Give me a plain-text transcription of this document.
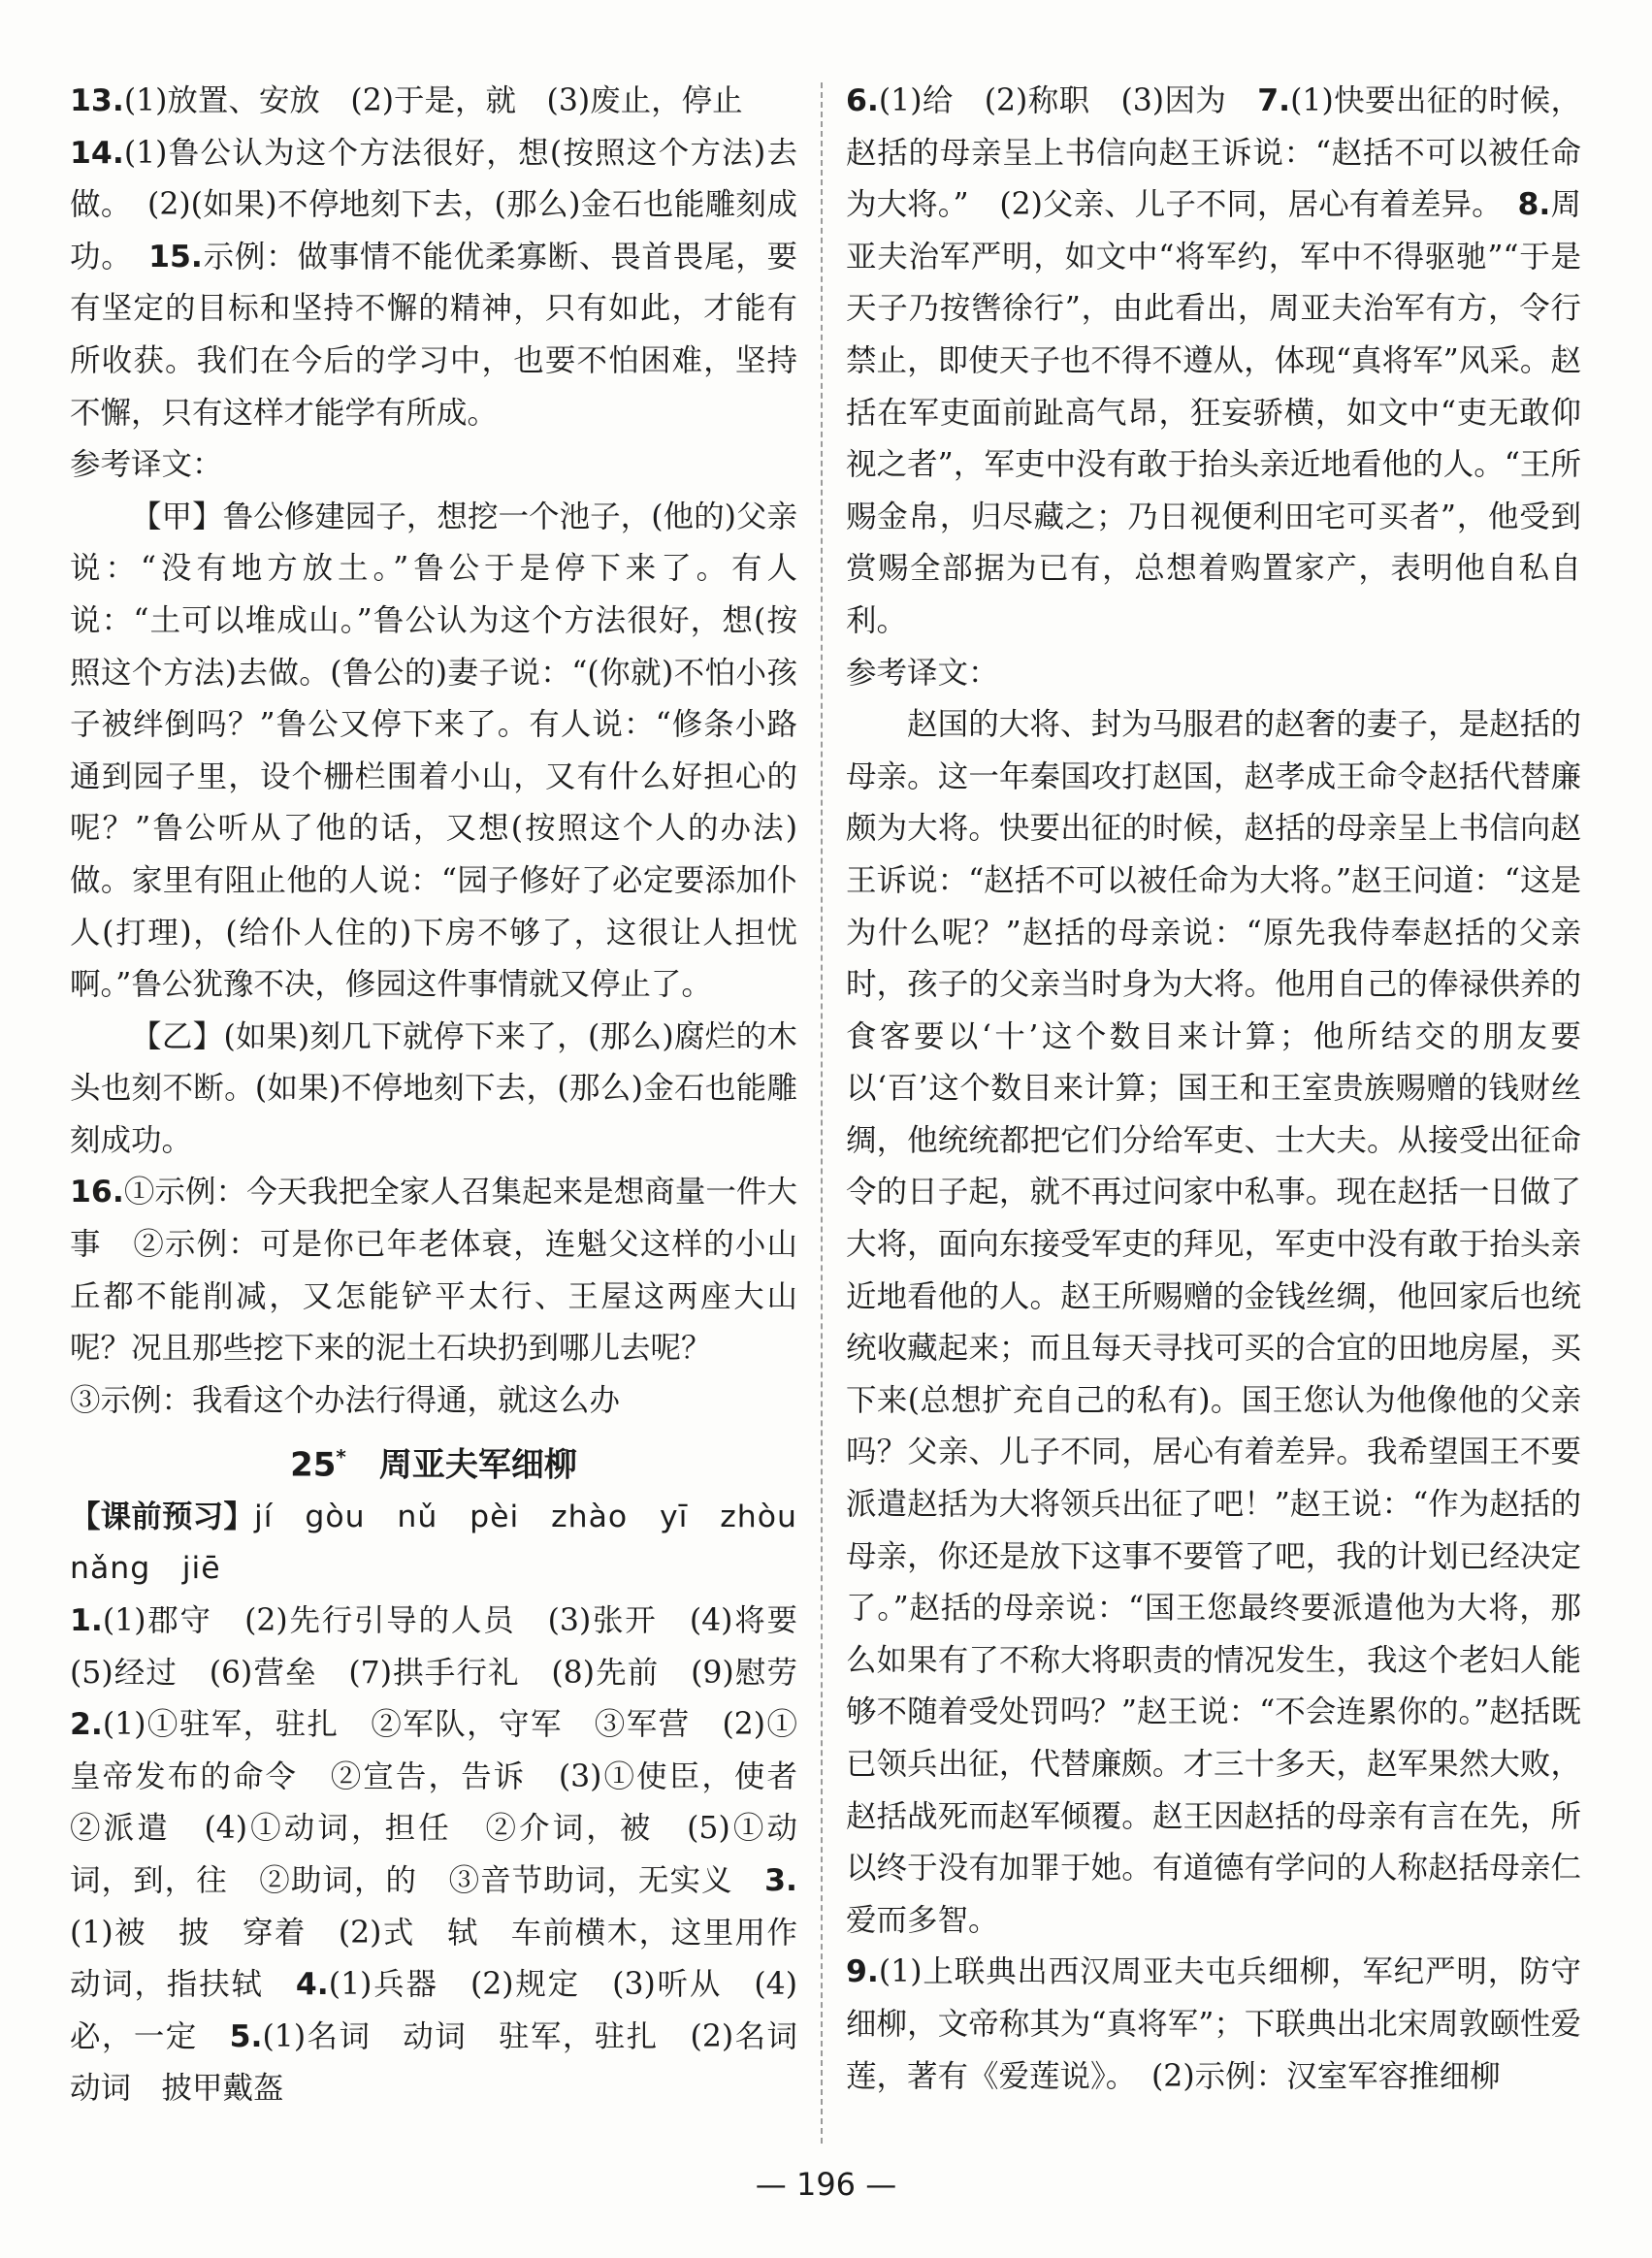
13.(1)放置、安放　(2)于是，就　(3)废止，停止

14.(1)鲁公认为这个方法很好，想(按照这个方法)去做。　(2)(如果)不停地刻下去，(那么)金石也能雕刻成功。　15.示例：做事情不能优柔寡断、畏首畏尾，要有坚定的目标和坚持不懈的精神，只有如此，才能有所收获。我们在今后的学习中，也要不怕困难，坚持不懈，只有这样才能学有所成。

参考译文：

【甲】鲁公修建园子，想挖一个池子，(他的)父亲说：“没有地方放土。”鲁公于是停下来了。有人说：“土可以堆成山。”鲁公认为这个方法很好，想(按照这个方法)去做。(鲁公的)妻子说：“(你就)不怕小孩子被绊倒吗？”鲁公又停下来了。有人说：“修条小路通到园子里，设个栅栏围着小山，又有什么好担心的呢？”鲁公听从了他的话，又想(按照这个人的办法)做。家里有阻止他的人说：“园子修好了必定要添加仆人(打理)，(给仆人住的)下房不够了，这很让人担忧啊。”鲁公犹豫不决，修园这件事情就又停止了。

【乙】(如果)刻几下就停下来了，(那么)腐烂的木头也刻不断。(如果)不停地刻下去，(那么)金石也能雕刻成功。

16.①示例：今天我把全家人召集起来是想商量一件大事　②示例：可是你已年老体衰，连魁父这样的小山丘都不能削减，又怎能铲平太行、王屋这两座大山呢？况且那些挖下来的泥土石块扔到哪儿去呢？

③示例：我看这个办法行得通，就这么办

25*　 周亚夫军细柳

【课前预习】jí　gòu　nǔ　pèi　zhào　yī　zhòu　nǎng　jiē

1.(1)郡守　(2)先行引导的人员　(3)张开　(4)将要　(5)经过　(6)营垒　(7)拱手行礼　(8)先前　(9)慰劳　2.(1)①驻军，驻扎　②军队，守军　③军营　(2)①皇帝发布的命令　②宣告，告诉　(3)①使臣，使者　②派遣　(4)①动词，担任　②介词，被　(5)①动词，到，往　②助词，的　③音节助词，无实义　3.(1)被　披　穿着　(2)式　轼　车前横木，这里用作动词，指扶轼　4.(1)兵器　(2)规定　(3)听从　(4)必，一定　5.(1)名词　动词　驻军，驻扎　(2)名词　动词　披甲戴盔

6.(1)给　(2)称职　(3)因为　7.(1)快要出征的时候，赵括的母亲呈上书信向赵王诉说：“赵括不可以被任命为大将。”　(2)父亲、儿子不同，居心有着差异。　8.周亚夫治军严明，如文中“将军约，军中不得驱驰”“于是天子乃按辔徐行”，由此看出，周亚夫治军有方，令行禁止，即使天子也不得不遵从，体现“真将军”风采。赵括在军吏面前趾高气昂，狂妄骄横，如文中“吏无敢仰视之者”，军吏中没有敢于抬头亲近地看他的人。“王所赐金帛，归尽藏之；乃日视便利田宅可买者”，他受到赏赐全部据为已有，总想着购置家产，表明他自私自利。

参考译文：

赵国的大将、封为马服君的赵奢的妻子，是赵括的母亲。这一年秦国攻打赵国，赵孝成王命令赵括代替廉颇为大将。快要出征的时候，赵括的母亲呈上书信向赵王诉说：“赵括不可以被任命为大将。”赵王问道：“这是为什么呢？”赵括的母亲说：“原先我侍奉赵括的父亲时，孩子的父亲当时身为大将。他用自己的俸禄供养的食客要以‘十’这个数目来计算；他所结交的朋友要以‘百’这个数目来计算；国王和王室贵族赐赠的钱财丝绸，他统统都把它们分给军吏、士大夫。从接受出征命令的日子起，就不再过问家中私事。现在赵括一日做了大将，面向东接受军吏的拜见，军吏中没有敢于抬头亲近地看他的人。赵王所赐赠的金钱丝绸，他回家后也统统收藏起来；而且每天寻找可买的合宜的田地房屋，买下来(总想扩充自己的私有)。国王您认为他像他的父亲吗？父亲、儿子不同，居心有着差异。我希望国王不要派遣赵括为大将领兵出征了吧！”赵王说：“作为赵括的母亲，你还是放下这事不要管了吧，我的计划已经决定了。”赵括的母亲说：“国王您最终要派遣他为大将，那么如果有了不称大将职责的情况发生，我这个老妇人能够不随着受处罚吗？”赵王说：“不会连累你的。”赵括既已领兵出征，代替廉颇。才三十多天，赵军果然大败，赵括战死而赵军倾覆。赵王因赵括的母亲有言在先，所以终于没有加罪于她。有道德有学问的人称赵括母亲仁爱而多智。

9.(1)上联典出西汉周亚夫屯兵细柳，军纪严明，防守细柳，文帝称其为“真将军”；下联典出北宋周敦颐性爱莲，著有《爱莲说》。　(2)示例：汉室军容推细柳

— 196 —
